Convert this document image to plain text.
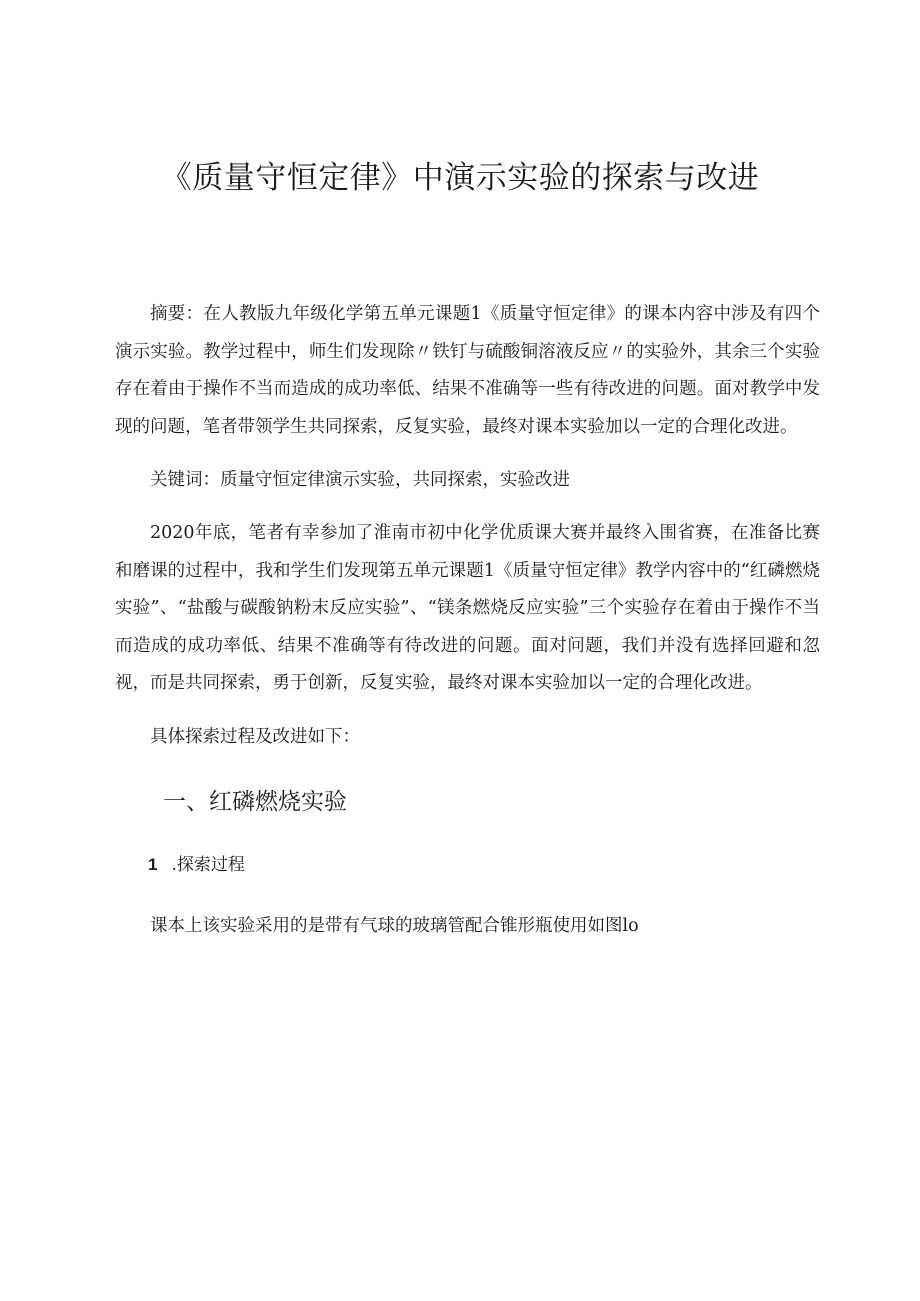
《质量守恒定律》中演示实验的探索与改进

摘要：在人教版九年级化学第五单元课题1《质量守恒定律》的课本内容中涉及有四个演示实验。教学过程中，师生们发现除〃铁钉与硫酸铜溶液反应〃的实验外，其余三个实验存在着由于操作不当而造成的成功率低、结果不准确等一些有待改进的问题。面对教学中发现的问题，笔者带领学生共同探索，反复实验，最终对课本实验加以一定的合理化改进。

关键词：质量守恒定律演示实验，共同探索，实验改进

2020年底，笔者有幸参加了淮南市初中化学优质课大赛并最终入围省赛，在准备比赛和磨课的过程中，我和学生们发现第五单元课题1《质量守恒定律》教学内容中的“红磷燃烧实验”、“盐酸与碳酸钠粉末反应实验”、“镁条燃烧反应实验”三个实验存在着由于操作不当而造成的成功率低、结果不准确等有待改进的问题。面对问题，我们并没有选择回避和忽视，而是共同探索，勇于创新，反复实验，最终对课本实验加以一定的合理化改进。

具体探索过程及改进如下：

一、红磷燃烧实验
1 .探索过程

课本上该实验采用的是带有气球的玻璃管配合锥形瓶使用如图lo
